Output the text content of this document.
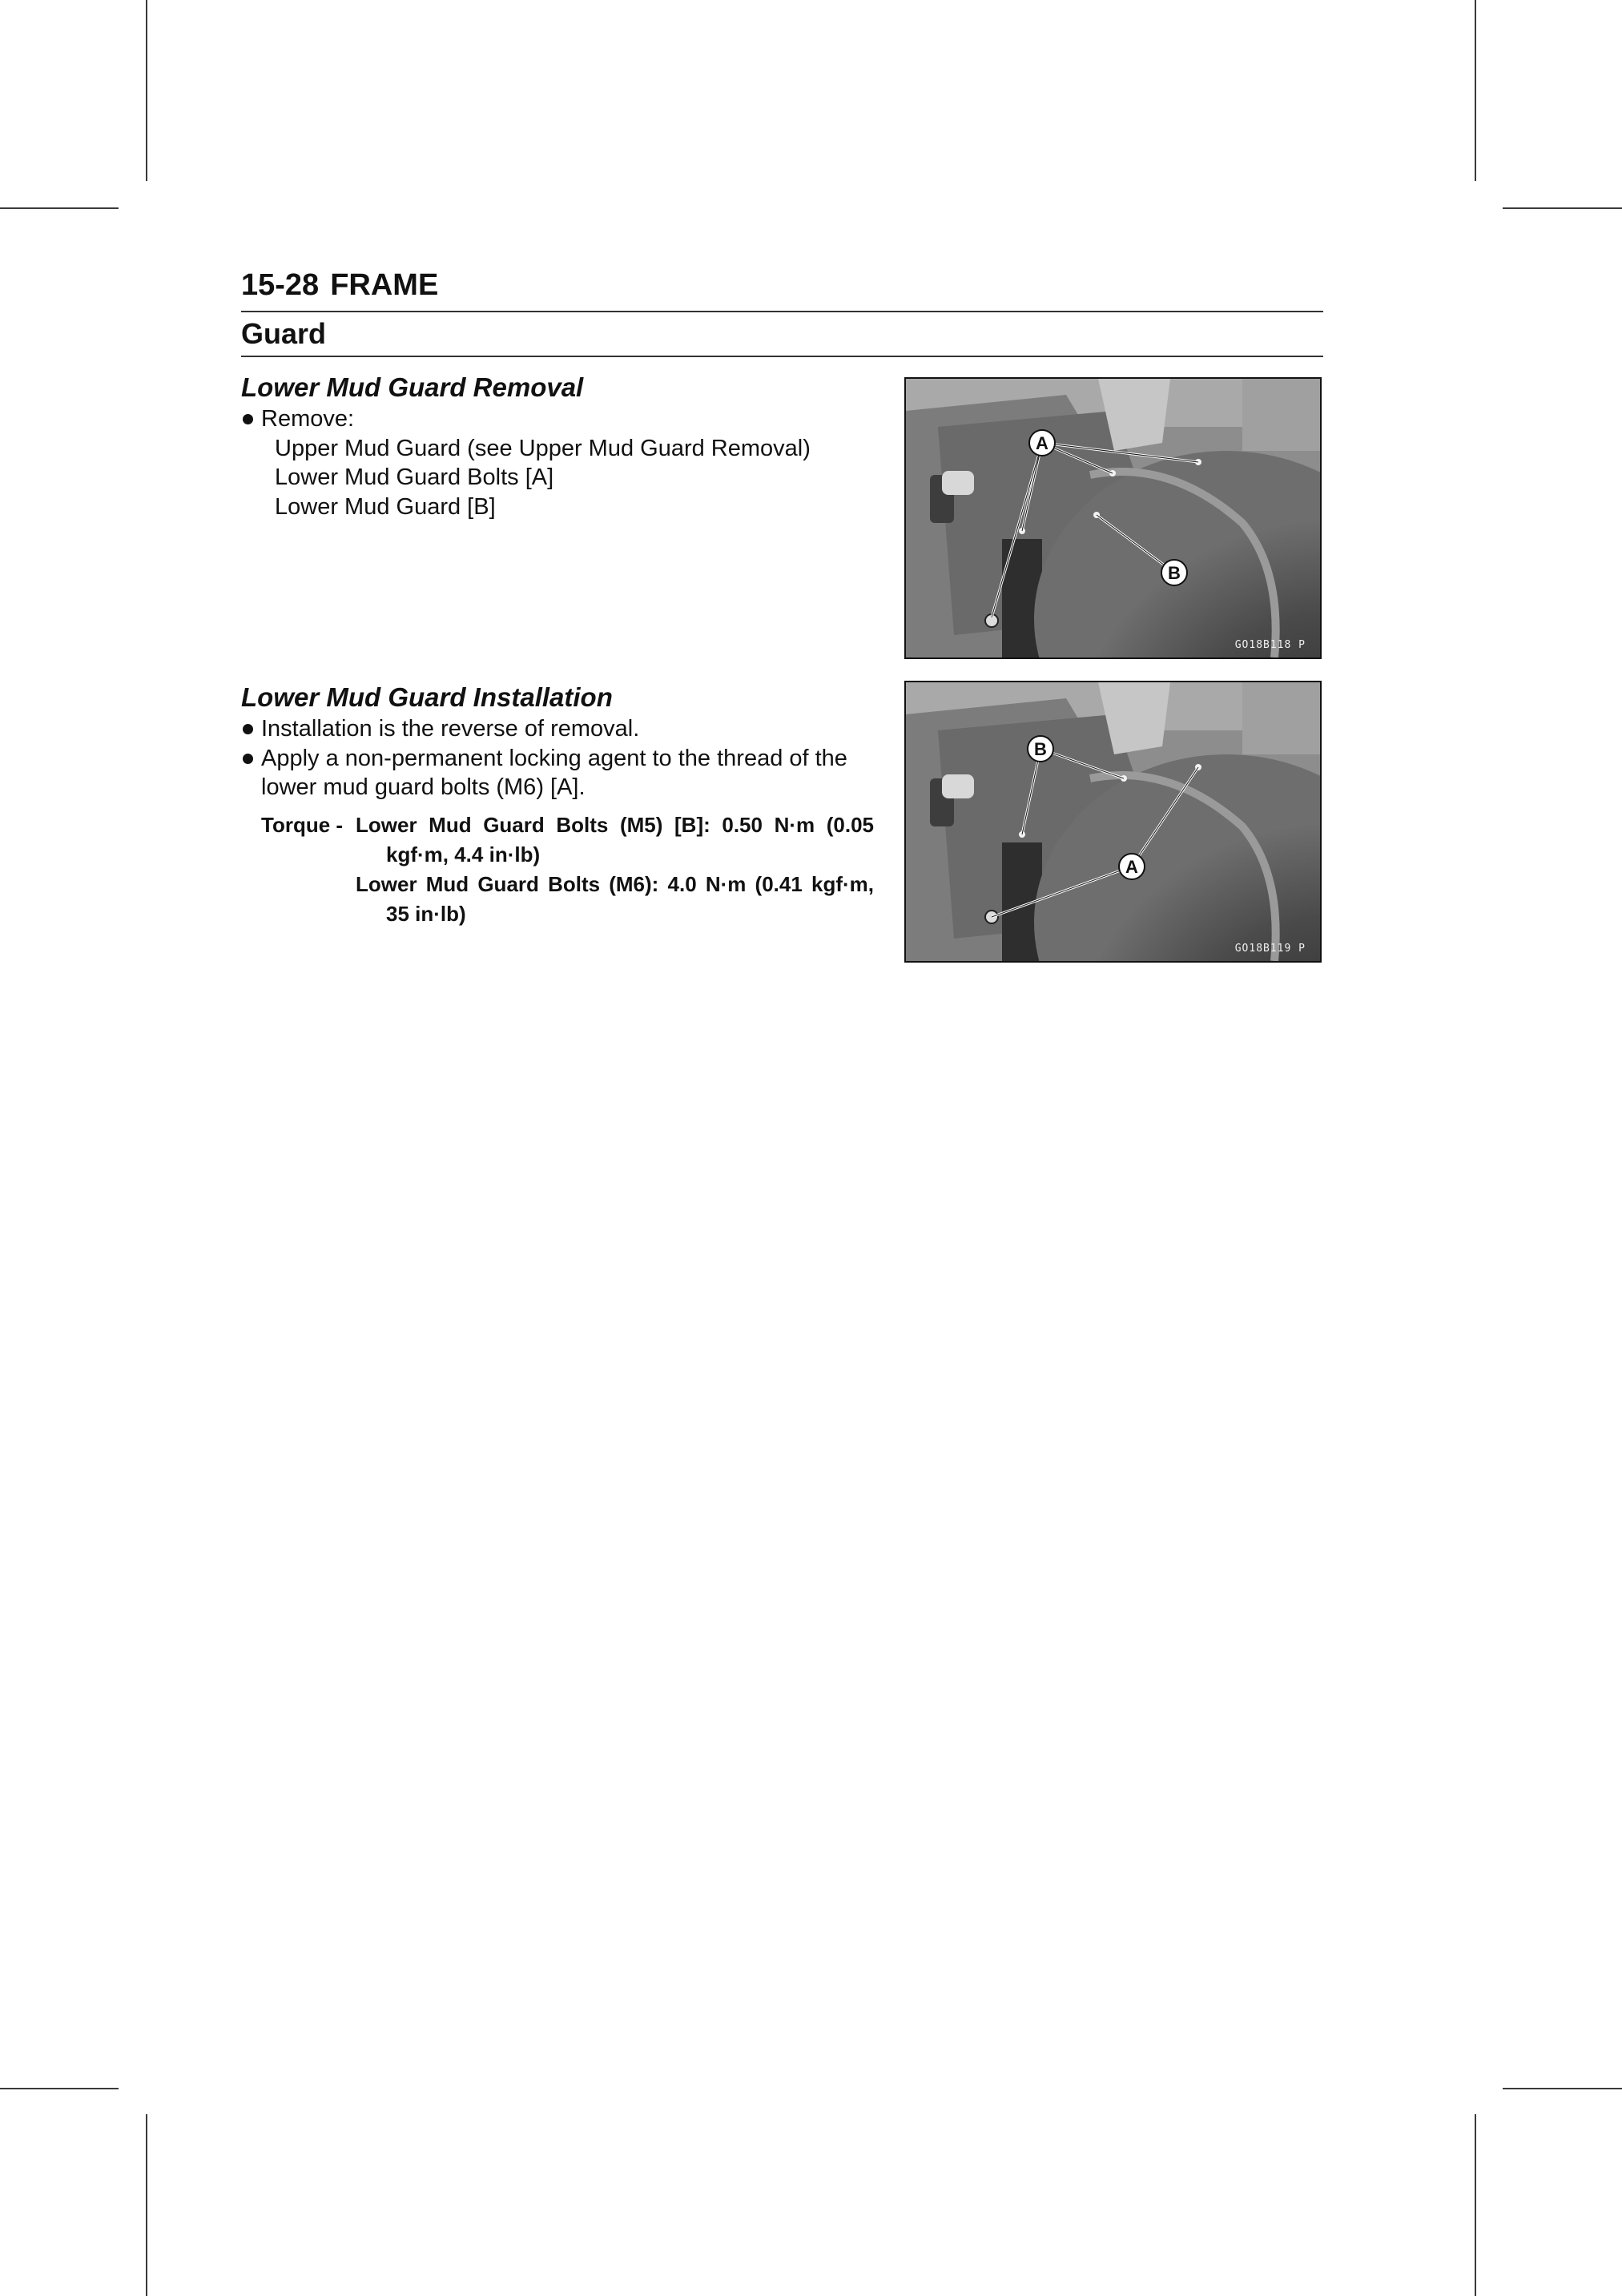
15-28 FRAME
Guard
Lower Mud Guard Removal
Remove:
Upper Mud Guard (see Upper Mud Guard Removal)
Lower Mud Guard Bolts [A]
Lower Mud Guard [B]
Lower Mud Guard Installation
Installation is the reverse of removal.
Apply a non-permanent locking agent to the thread of the lower mud guard bolts (M6) [A].
Torque - Lower Mud Guard Bolts (M5) [B]: 0.50 N·m (0.05 kgf·m, 4.4 in·lb)
Lower Mud Guard Bolts (M6): 4.0 N·m (0.41 kgf·m, 35 in·lb)
A
B
GO18B118 P
B
A
GO18B119 P
